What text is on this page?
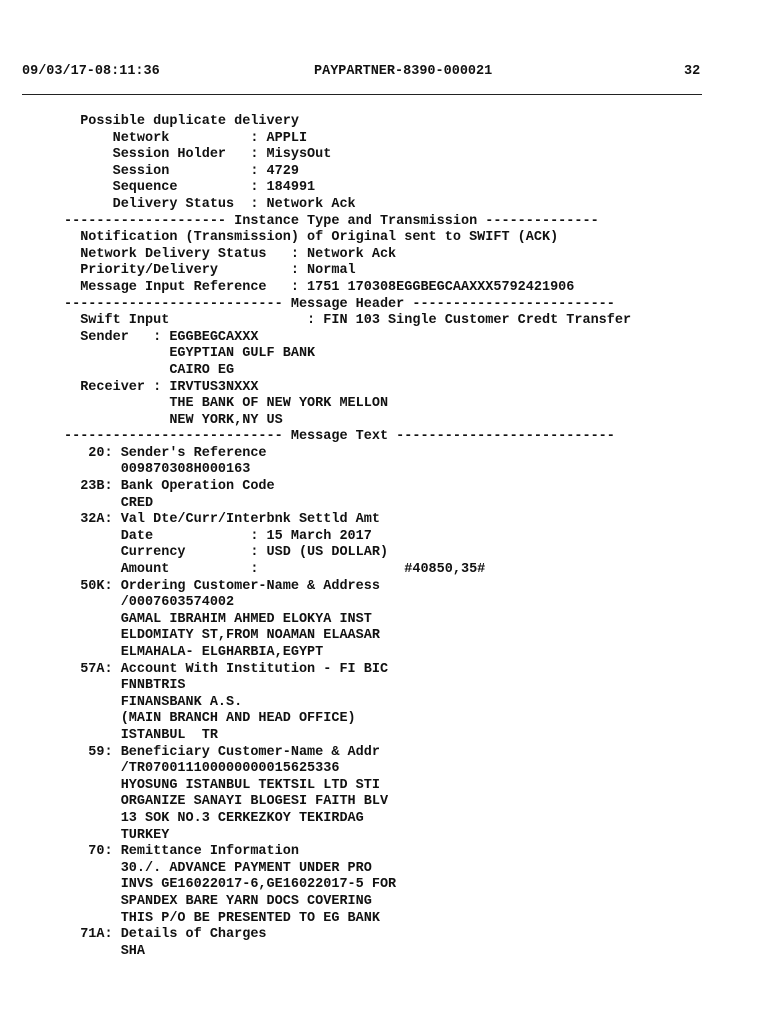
09/03/17-08:11:36	PAYPARTNER-8390-000021	32
Possible duplicate delivery
Network          : APPLI
Session Holder   : MisysOut
Session          : 4729
Sequence         : 184991
Delivery Status  : Network Ack
-------------------- Instance Type and Transmission --------------
Notification (Transmission) of Original sent to SWIFT (ACK)
Network Delivery Status   : Network Ack
Priority/Delivery         : Normal
Message Input Reference   : 1751 170308EGGBEGCAAXXX5792421906
--------------------------- Message Header -------------------------
Swift Input                 : FIN 103 Single Customer Credt Transfer
Sender   : EGGBEGCAXXX
EGYPTIAN GULF BANK
CAIRO EG
Receiver : IRVTUS3NXXX
THE BANK OF NEW YORK MELLON
NEW YORK,NY US
--------------------------- Message Text ---------------------------
20: Sender's Reference
009870308H000163
23B: Bank Operation Code
CRED
32A: Val Dte/Curr/Interbnk Settld Amt
Date            : 15 March 2017
Currency        : USD (US DOLLAR)
Amount          :                  #40850,35#
50K: Ordering Customer-Name & Address
/0007603574002
GAMAL IBRAHIM AHMED ELOKYA INST
ELDOMIATY ST,FROM NOAMAN ELAASAR
ELMAHALA- ELGHARBIA,EGYPT
57A: Account With Institution - FI BIC
FNNBTRIS
FINANSBANK A.S.
(MAIN BRANCH AND HEAD OFFICE)
ISTANBUL  TR
59: Beneficiary Customer-Name & Addr
/TR070011100000000015625336
HYOSUNG ISTANBUL TEKTSIL LTD STI
ORGANIZE SANAYI BLOGESI FAITH BLV
13 SOK NO.3 CERKEZKOY TEKIRDAG
TURKEY
70: Remittance Information
30./. ADVANCE PAYMENT UNDER PRO
INVS GE16022017-6,GE16022017-5 FOR
SPANDEX BARE YARN DOCS COVERING
THIS P/O BE PRESENTED TO EG BANK
71A: Details of Charges
SHA
